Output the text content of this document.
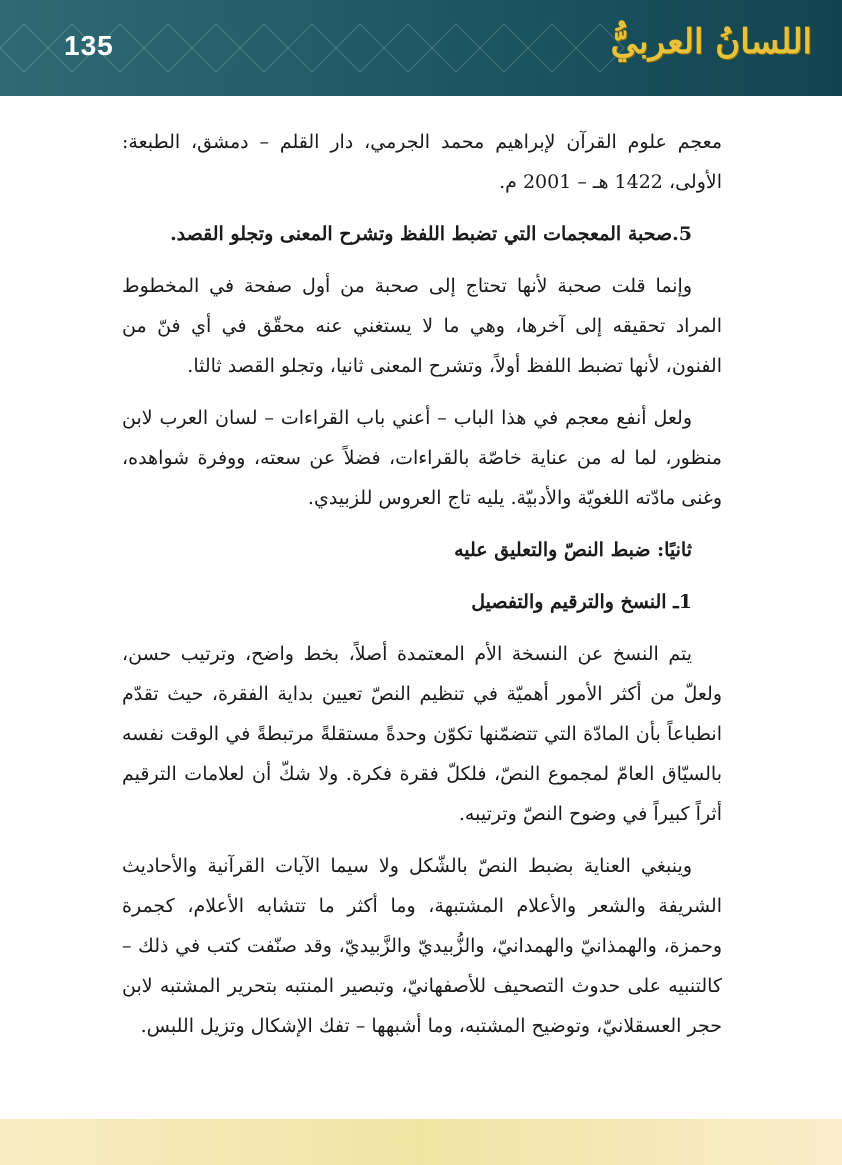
135	اللسانُ العربيُّ

معجم علوم القرآن لإبراهيم محمد الجرمي، دار القلم – دمشق، الطبعة: الأولى، 1422 هـ – 2001 م.

5.صحبة المعجمات التي تضبط اللفظ وتشرح المعنى وتجلو القصد.

وإنما قلت صحبة لأنها تحتاج إلى صحبة من أول صفحة في المخطوط المراد تحقيقه إلى آخرها، وهي ما لا يستغني عنه محقّق في أي فنّ من الفنون، لأنها تضبط اللفظ أولاً، وتشرح المعنى ثانيا، وتجلو القصد ثالثا.

ولعل أنفع معجم في هذا الباب – أعني باب القراءات – لسان العرب لابن منظور، لما له من عناية خاصّة بالقراءات، فضلاً عن سعته، ووفرة شواهده، وغنى مادّته اللغويّة والأدبيّة. يليه تاج العروس للزبيدي.

ثانيًا: ضبط النصّ والتعليق عليه

1ـ النسخ والترقيم والتفصيل

يتم النسخ عن النسخة الأم المعتمدة أصلاً، بخط واضح، وترتيب حسن، ولعلّ من أكثر الأمور أهميّة في تنظيم النصّ تعيين بداية الفقرة، حيث تقدّم انطباعاً بأن المادّة التي تتضمّنها تكوّن وحدةً مستقلةً مرتبطةً في الوقت نفسه بالسيّاق العامّ لمجموع النصّ، فلكلّ فقرة فكرة. ولا شكّ أن لعلامات الترقيم أثراً كبيراً في وضوح النصّ وترتيبه.

وينبغي العناية بضبط النصّ بالشّكل ولا سيما الآيات القرآنية والأحاديث الشريفة والشعر والأعلام المشتبهة، وما أكثر ما تتشابه الأعلام، كجمرة وحمزة، والهمذانيّ والهمدانيّ، والزُّبيديّ والزَّبيديّ، وقد صنّفت كتب في ذلك – كالتنبيه على حدوث التصحيف للأصفهانيّ، وتبصير المنتبه بتحرير المشتبه لابن حجر العسقلانيّ، وتوضيح المشتبه، وما أشبهها – تفك الإشكال وتزيل اللبس.
